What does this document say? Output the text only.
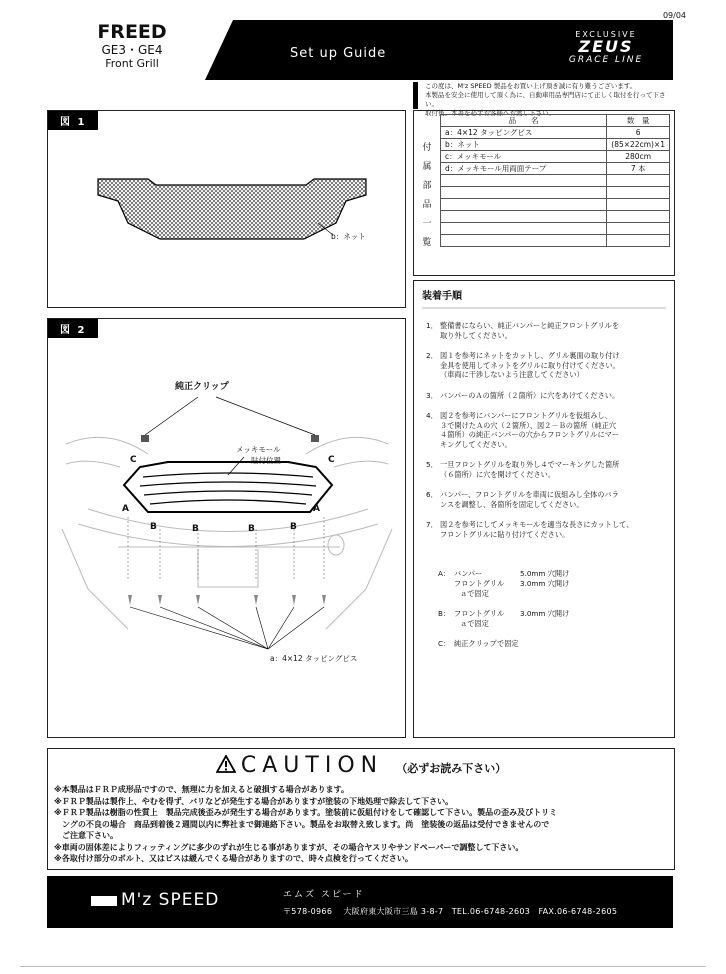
09/04
FREED
GE3・GE4
Front Grill
Set up Guide
EXCLUSIVE
ZEUS
GRACE LINE
この度は、M'z SPEED 製品をお買い上げ頂き誠に有り難うございます。
本製品を安全に使用して頂く為に、自動車用品専門店にて正しく取付を行って下さい。
取付後、本書を必ずお客様へお渡し下さい。
図 1
b：ネット
図 2
純正クリップ
メッキモール
貼付位置
C	C
A	A
B	B	B	B
a：4×12 タッピングビス
付
属
部
品
一
覧
品　　名	数　量
a：4×12 タッピングビス	6
b：ネット	(85×22cm)×1
c：メッキモール	280cm
d：メッキモール用両面テープ	7 本

装着手順
1． 整備書にならい、純正バンパーと純正フロントグリルを
取り外してください。
2． 図１を参考にネットをカットし、グリル裏面の取り付け
金具を使用してネットをグリルに取り付けてください。
（車両に干渉しないよう注意してください）
3． バンパーのＡの箇所（２箇所）に穴をあけてください。
4． 図２を参考にバンパーにフロントグリルを仮組みし、
３で開けたＡの穴（２箇所）、図２－Ｂの箇所（純正穴
４箇所）の純正バンパーの穴からフロントグリルにマー
キングしてください。
5． 一旦フロントグリルを取り外し４でマーキングした箇所
（６箇所）に穴を開けてください。
6． バンパー、フロントグリルを車両に仮組みし全体のバラ
ンスを調整し、各箇所を固定してください。
7． 図２を参考にしてメッキモールを適当な長さにカットして、
フロントグリルに貼り付けてください。
A： バンパー	5.0mm 穴開け
フロントグリル	3.0mm 穴開け
ａで固定
B： フロントグリル	3.0mm 穴開け
ａで固定
C： 純正クリップで固定
CAUTION （必ずお読み下さい）
※本製品はＦＲＰ成形品ですので、無理に力を加えると破損する場合があります。
※ＦＲＰ製品は製作上、やむを得ず、バリなどが発生する場合がありますが塗装の下地処理で除去して下さい。
※ＦＲＰ製品は樹脂の性質上　製品完成後歪みが発生する場合があります。塗装前に仮組付けをして確認して下さい。製品の歪み及びトリミ
　ングの不良の場合　商品到着後２週間以内に弊社まで御連絡下さい。製品をお取替え致します。尚　塗装後の返品は受付できませんので
　ご注意下さい。
※車両の固体差によりフィッティングに多少のずれが生じる事がありますが、その場合ヤスリやサンドペーパーで調整して下さい。
※各取付け部分のボルト、又はビスは緩んでくる場合がありますので、時々点検を行ってください。
M'z SPEED	エムズ スピード
〒578-0966　 大阪府東大阪市三島 3-8-7　TEL.06-6748-2603　FAX.06-6748-2605
